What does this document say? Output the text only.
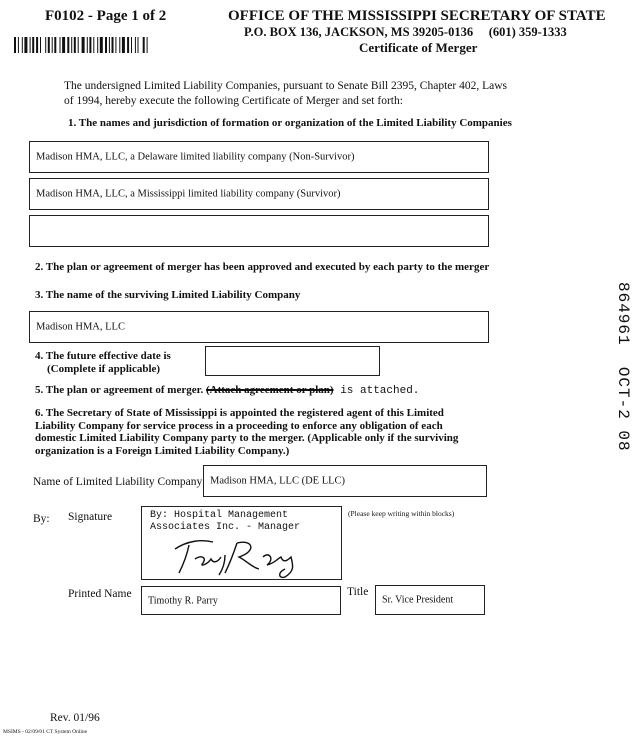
F0102 - Page 1 of 2	OFFICE OF THE MISSISSIPPI SECRETARY OF STATE
P.O. BOX 136, JACKSON, MS 39205-0136     (601) 359-1333
Certificate of Merger
The undersigned Limited Liability Companies, pursuant to Senate Bill 2395, Chapter 402, Laws of 1994, hereby execute the following Certificate of Merger and set forth:
1. The names and jurisdiction of formation or organization of the Limited Liability Companies
Madison HMA, LLC, a Delaware limited liability company (Non-Survivor)
Madison HMA, LLC, a Mississippi limited liability company (Survivor)
2. The plan or agreement of merger has been approved and executed by each party to the merger
3. The name of the surviving Limited Liability Company
Madison HMA, LLC
4. The future effective date is
(Complete if applicable)
5. The plan or agreement of merger. (Attach agreement or plan) is attached.
6. The Secretary of State of Mississippi is appointed the registered agent of this Limited Liability Company for service process in a proceeding to enforce any obligation of each domestic Limited Liability Company party to the merger. (Applicable only if the surviving organization is a Foreign Limited Liability Company.)
Name of Limited Liability Company Madison HMA, LLC (DE LLC)
By: Signature	By: Hospital Management
Associates Inc. - Manager
(Please keep writing within blocks)
Printed Name
Timothy R. Parry
Title
Sr. Vice President
864961  OCT-2 08
Rev. 01/96
MSIMS - 02/09/01 CT System Online
